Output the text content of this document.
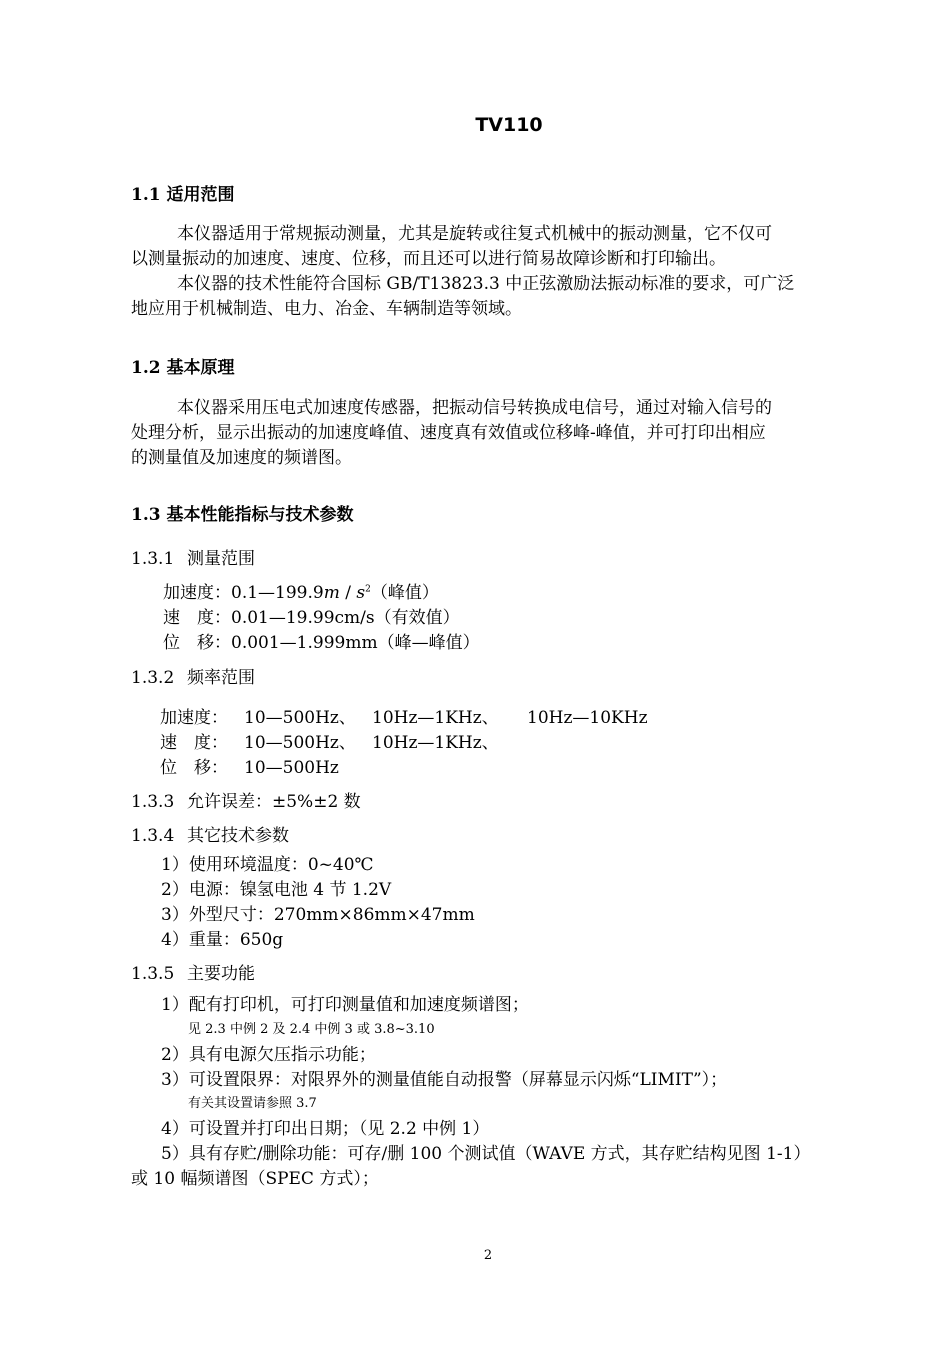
TV110
1.1 适用范围
本仪器适用于常规振动测量，尤其是旋转或往复式机械中的振动测量，它不仅可
以测量振动的加速度、速度、位移，而且还可以进行简易故障诊断和打印输出。
本仪器的技术性能符合国标 GB/T13823.3 中正弦激励法振动标准的要求，可广泛
地应用于机械制造、电力、冶金、车辆制造等领域。
1.2 基本原理
本仪器采用压电式加速度传感器，把振动信号转换成电信号，通过对输入信号的
处理分析，显示出振动的加速度峰值、速度真有效值或位移峰-峰值，并可打印出相应
的测量值及加速度的频谱图。
1.3 基本性能指标与技术参数
1.3.1 测量范围
加速度：0.1—199.9m / $s^2$（峰值）
速　度：0.01—19.99cm/s（有效值）
位　移：0.001—1.999mm（峰—峰值）
1.3.2 频率范围
加速度： 10—500Hz、 10Hz—1KHz、 10Hz—10KHz
速　度： 10—500Hz、 10Hz—1KHz、
位　移： 10—500Hz
1.3.3 允许误差：±5%±2 数
1.3.4 其它技术参数
1）使用环境温度：0~40℃
2）电源：镍氢电池 4 节 1.2V
3）外型尺寸：270mm×86mm×47mm
4）重量：650g
1.3.5 主要功能
1）配有打印机，可打印测量值和加速度频谱图；
见 2.3 中例 2 及 2.4 中例 3 或 3.8~3.10
2）具有电源欠压指示功能；
3）可设置限界：对限界外的测量值能自动报警（屏幕显示闪烁“LIMIT”）；
有关其设置请参照 3.7
4）可设置并打印出日期；（见 2.2 中例 1）
5）具有存贮/删除功能：可存/删 100 个测试值（WAVE 方式，其存贮结构见图 1-1）
或 10 幅频谱图（SPEC 方式）；
2
